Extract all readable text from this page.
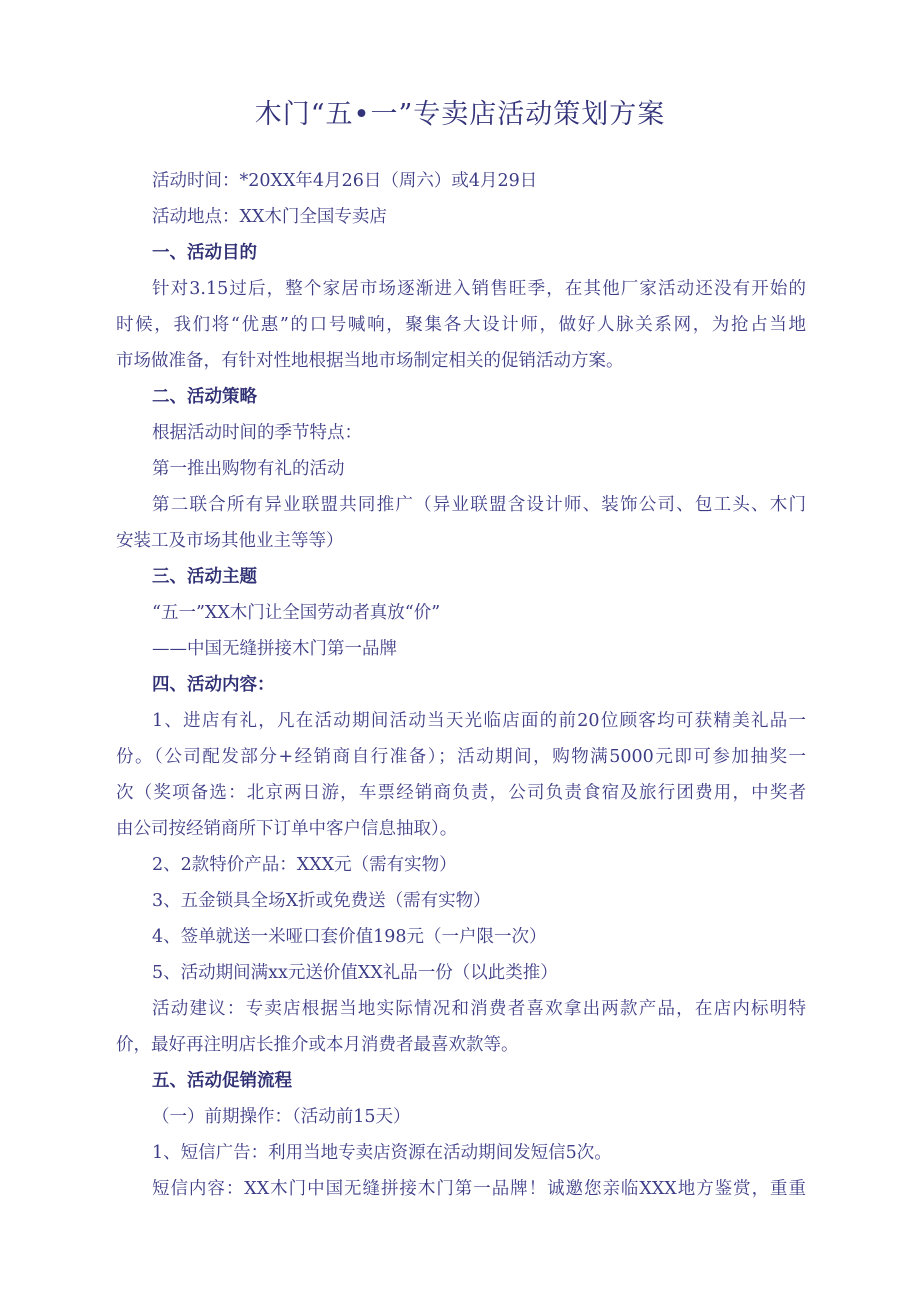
木门“五•一”专卖店活动策划方案
活动时间：*20XX年4月26日（周六）或4月29日
活动地点：XX木门全国专卖店
一、活动目的
针对3.15过后，整个家居市场逐渐进入销售旺季，在其他厂家活动还没有开始的
时候，我们将“优惠”的口号喊响，聚集各大设计师，做好人脉关系网，为抢占当地
市场做准备，有针对性地根据当地市场制定相关的促销活动方案。
二、活动策略
根据活动时间的季节特点：
第一推出购物有礼的活动
第二联合所有异业联盟共同推广（异业联盟含设计师、装饰公司、包工头、木门
安装工及市场其他业主等等）
三、活动主题
“五一”XX木门让全国劳动者真放“价”
——中国无缝拼接木门第一品牌
四、活动内容：
1、进店有礼，凡在活动期间活动当天光临店面的前20位顾客均可获精美礼品一
份。（公司配发部分+经销商自行准备）；活动期间，购物满5000元即可参加抽奖一
次（奖项备选：北京两日游，车票经销商负责，公司负责食宿及旅行团费用，中奖者
由公司按经销商所下订单中客户信息抽取）。
2、2款特价产品：XXX元（需有实物）
3、五金锁具全场X折或免费送（需有实物）
4、签单就送一米哑口套价值198元（一户限一次）
5、活动期间满xx元送价值XX礼品一份（以此类推）
活动建议：专卖店根据当地实际情况和消费者喜欢拿出两款产品，在店内标明特
价，最好再注明店长推介或本月消费者最喜欢款等。
五、活动促销流程
（一）前期操作：（活动前15天）
1、短信广告：利用当地专卖店资源在活动期间发短信5次。
短信内容：XX木门中国无缝拼接木门第一品牌！诚邀您亲临XXX地方鉴赏，重重
